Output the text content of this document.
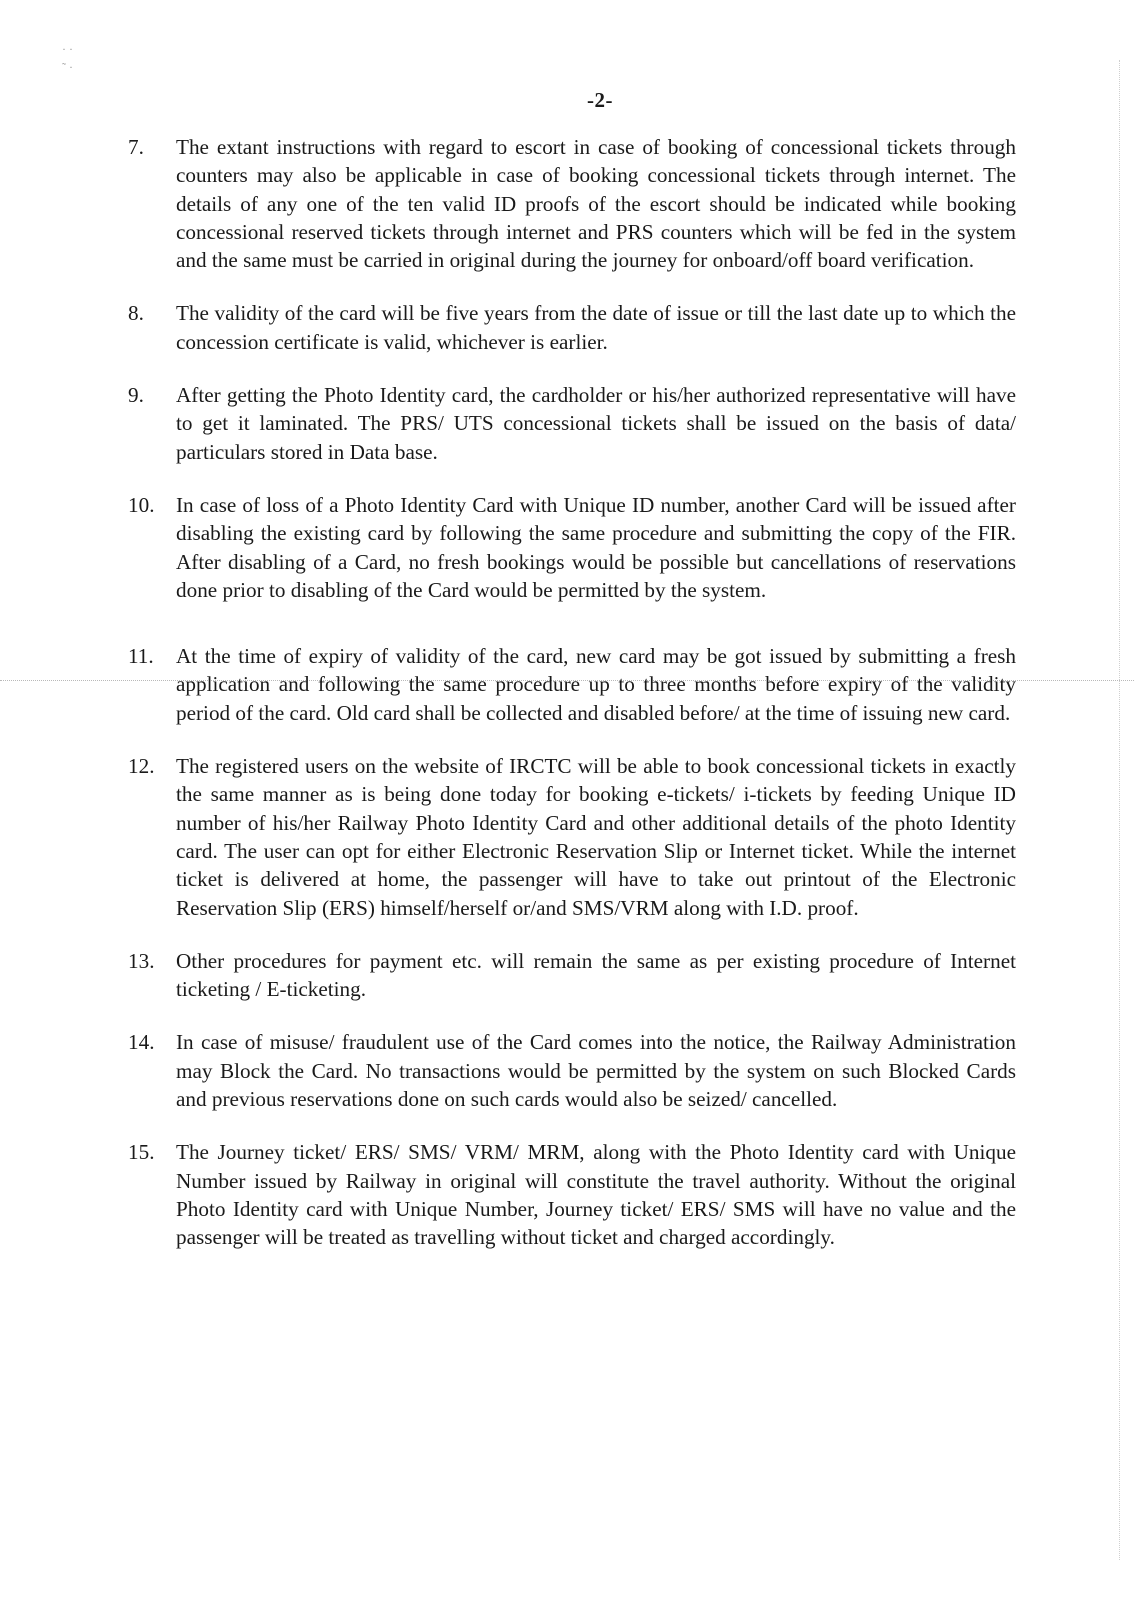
· ·
˜ ·
-2-
7.	The extant instructions with regard to escort in case of booking of concessional tickets through counters may also be applicable in case of booking concessional tickets through internet. The details of any one of the ten valid ID proofs of the escort should be indicated while booking concessional reserved tickets through internet and PRS counters which will be fed in the system and the same must be carried in original during the journey for onboard/off board verification.
8.	The validity of the card will be five years from the date of issue or till the last date up to which the concession certificate is valid, whichever is earlier.
9.	After getting the Photo Identity card, the cardholder or his/her authorized representative will have to get it laminated. The PRS/ UTS concessional tickets shall be issued on the basis of data/ particulars stored in Data base.
10.	In case of loss of a Photo Identity Card with Unique ID number, another Card will be issued after disabling the existing card by following the same procedure and submitting the copy of the FIR. After disabling of a Card, no fresh bookings would be possible but cancellations of reservations done prior to disabling of the Card would be permitted by the system.
11.	At the time of expiry of validity of the card, new card may be got issued by submitting a fresh application and following the same procedure up to three months before expiry of the validity period of the card. Old card shall be collected and disabled before/ at the time of issuing new card.
12.	The registered users on the website of IRCTC will be able to book concessional tickets in exactly the same manner as is being done today for booking e-tickets/ i-tickets by feeding Unique ID number of his/her Railway Photo Identity Card and other additional details of the photo Identity card. The user can opt for either Electronic Reservation Slip or Internet ticket. While the internet ticket is delivered at home, the passenger will have to take out printout of the Electronic Reservation Slip (ERS) himself/herself or/and SMS/VRM along with I.D. proof.
13.	Other procedures for payment etc. will remain the same as per existing procedure of Internet ticketing / E-ticketing.
14.	In case of misuse/ fraudulent use of the Card comes into the notice, the Railway Administration may Block the Card. No transactions would be permitted by the system on such Blocked Cards and previous reservations done on such cards would also be seized/ cancelled.
15.	The Journey ticket/ ERS/ SMS/ VRM/ MRM, along with the Photo Identity card with Unique Number issued by Railway in original will constitute the travel authority. Without the original Photo Identity card with Unique Number, Journey ticket/ ERS/ SMS will have no value and the passenger will be treated as travelling without ticket and charged accordingly.
